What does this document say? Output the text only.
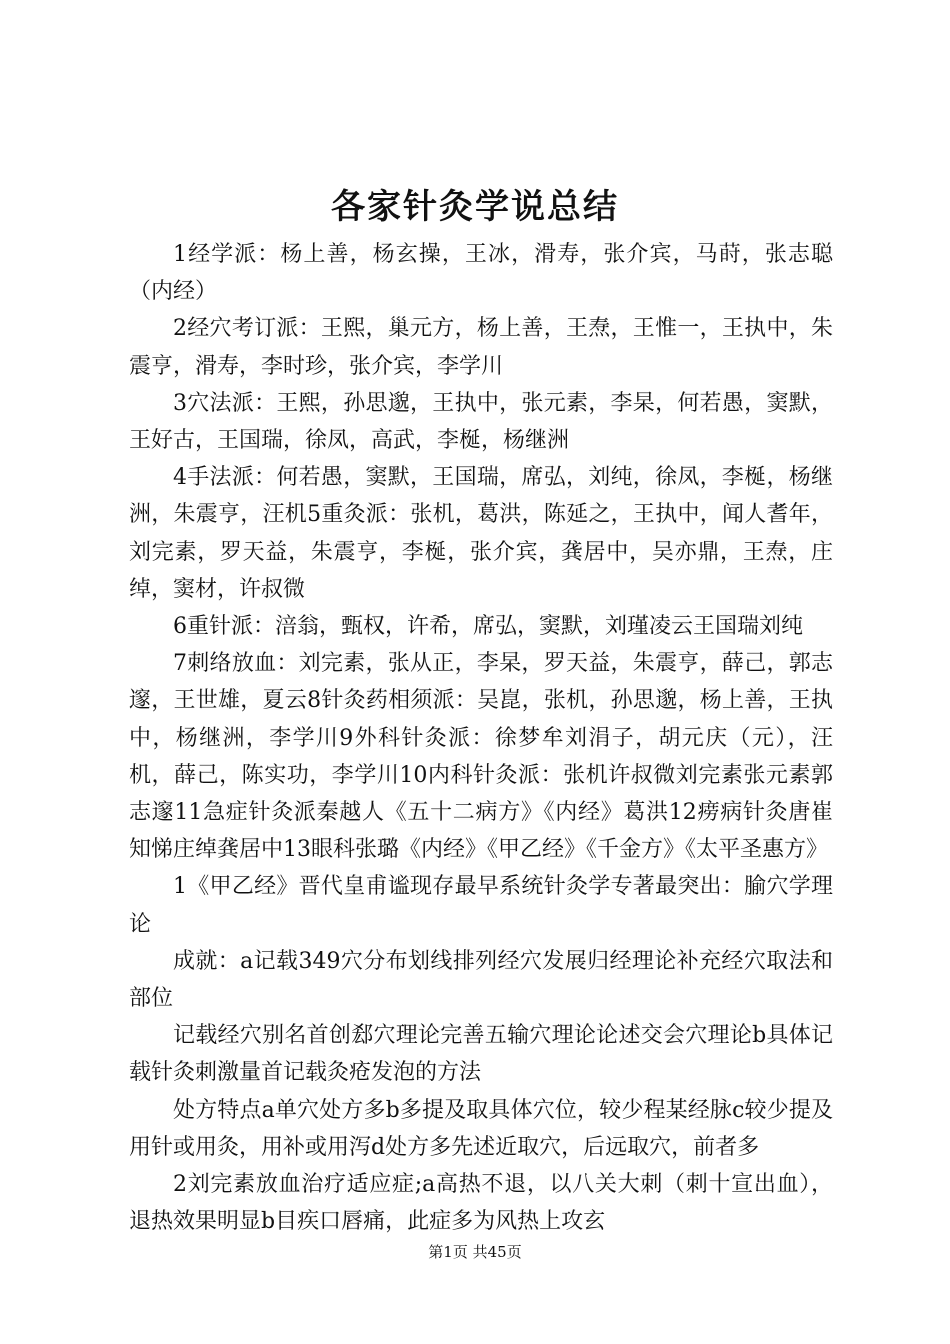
各家针灸学说总结

1经学派：杨上善，杨玄操，王冰，滑寿，张介宾，马莳，张志聪（内经）

2经穴考订派：王熙，巢元方，杨上善，王焘，王惟一，王执中，朱震亨，滑寿，李时珍，张介宾，李学川

3穴法派：王熙，孙思邈，王执中，张元素，李杲，何若愚，窦默，王好古，王国瑞，徐凤，高武，李梴，杨继洲

4手法派：何若愚，窦默，王国瑞，席弘，刘纯，徐凤，李梴，杨继洲，朱震亨，汪机5重灸派：张机，葛洪，陈延之，王执中，闻人耆年，刘完素，罗天益，朱震亨，李梴，张介宾，龚居中，吴亦鼎，王焘，庄绰，窦材，许叔微

6重针派：涪翁，甄权，许希，席弘，窦默，刘瑾凌云王国瑞刘纯

7刺络放血：刘完素，张从正，李杲，罗天益，朱震亨，薛己，郭志邃，王世雄，夏云8针灸药相须派：吴崑，张机，孙思邈，杨上善，王执中，杨继洲，李学川9外科针灸派：徐梦牟刘涓子，胡元庆（元），汪机，薛己，陈实功，李学川10内科针灸派：张机许叔微刘完素张元素郭志邃11急症针灸派秦越人《五十二病方》《内经》葛洪12痨病针灸唐崔知悌庄绰龚居中13眼科张璐《内经》《甲乙经》《千金方》《太平圣惠方》

1《甲乙经》晋代皇甫谧现存最早系统针灸学专著最突出：腧穴学理论

成就：a记载349穴分布划线排列经穴发展归经理论补充经穴取法和部位

记载经穴别名首创郄穴理论完善五输穴理论论述交会穴理论b具体记载针灸刺激量首记载灸疮发泡的方法

处方特点a单穴处方多b多提及取具体穴位，较少程某经脉c较少提及用针或用灸，用补或用泻d处方多先述近取穴，后远取穴，前者多

2刘完素放血治疗适应症;a高热不退，以八关大刺（刺十宣出血），退热效果明显b目疾口唇痛，此症多为风热上攻玄

第1页 共45页
